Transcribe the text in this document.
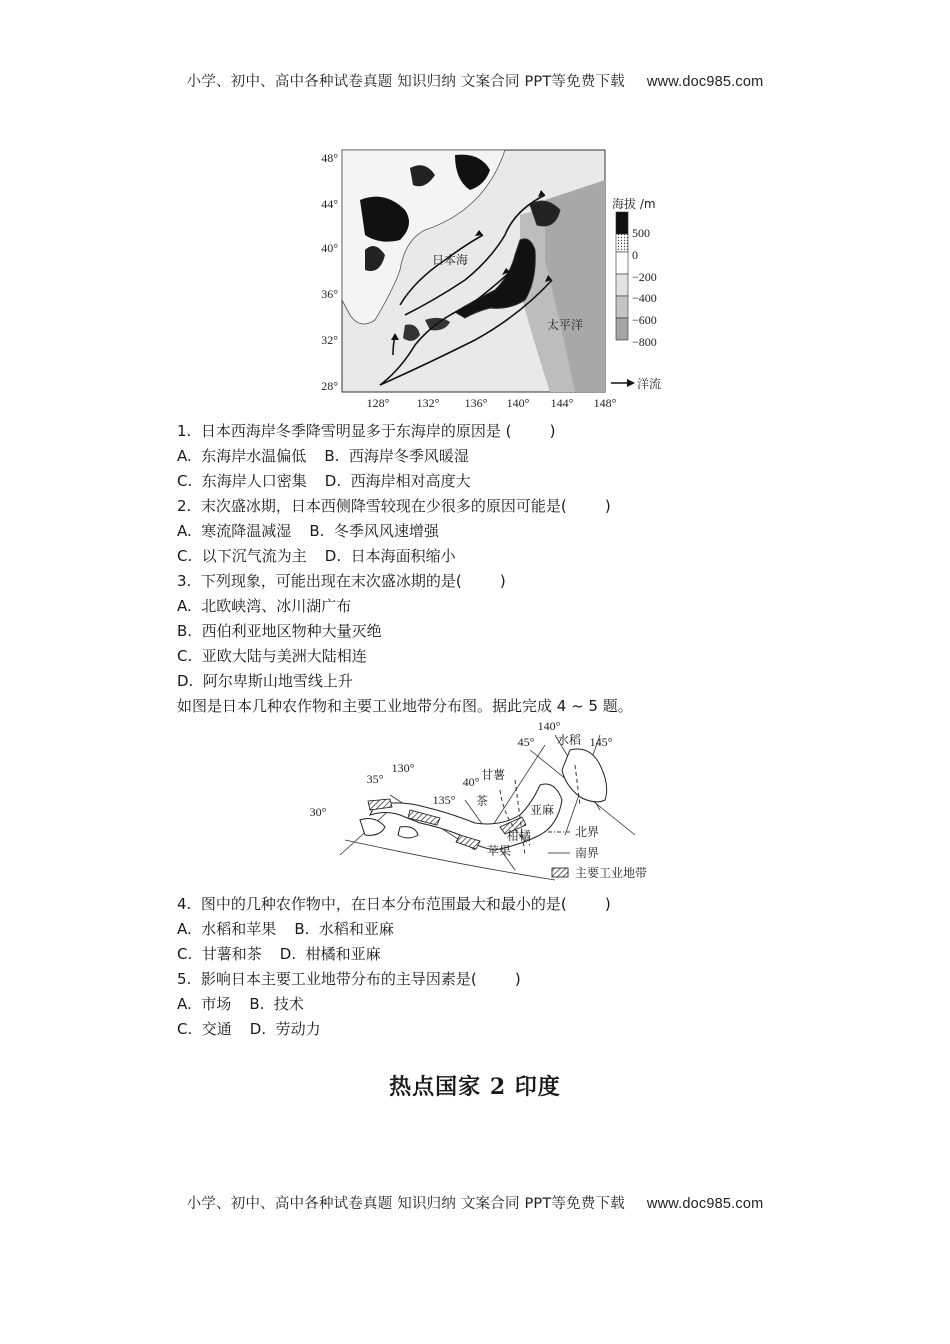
小学、初中、高中各种试卷真题 知识归纳 文案合同 PPT等免费下载 www.doc985.com
48°
44°
40°
36°
32°
28°
128° 132° 136° 140° 144° 148°
日本海
太平洋
海拔 /m
500
0
−200
−400
−600
−800
洋流
1.  日本西海岸冬季降雪明显多于东海岸的原因是 (        )
A.  东海岸水温偏低 B.  西海岸冬季风暖湿
C.  东海岸人口密集 D.  西海岸相对高度大
2.  末次盛冰期，日本西侧降雪较现在少很多的原因可能是(        )
A.  寒流降温减湿 B.  冬季风风速增强
C.  以下沉气流为主 D.  日本海面积缩小
3.  下列现象，可能出现在末次盛冰期的是(        )
A.  北欧峡湾、冰川湖广布
B.  西伯利亚地区物种大量灭绝
C.  亚欧大陆与美洲大陆相连
D.  阿尔卑斯山地雪线上升
如图是日本几种农作物和主要工业地带分布图。据此完成 4 ~ 5 题。
140°
45°	145°
130°
35°	40°
135°
30°
水稻
甘薯
茶
亚麻
柑橘
苹果
北界
南界
主要工业地带
4.  图中的几种农作物中，在日本分布范围最大和最小的是(        )
A.  水稻和苹果 B.  水稻和亚麻
C.  甘薯和茶 D.  柑橘和亚麻
5.  影响日本主要工业地带分布的主导因素是(        )
A.  市场 B.  技术
C.  交通 D.  劳动力
热点国家 2 印度
小学、初中、高中各种试卷真题 知识归纳 文案合同 PPT等免费下载 www.doc985.com
